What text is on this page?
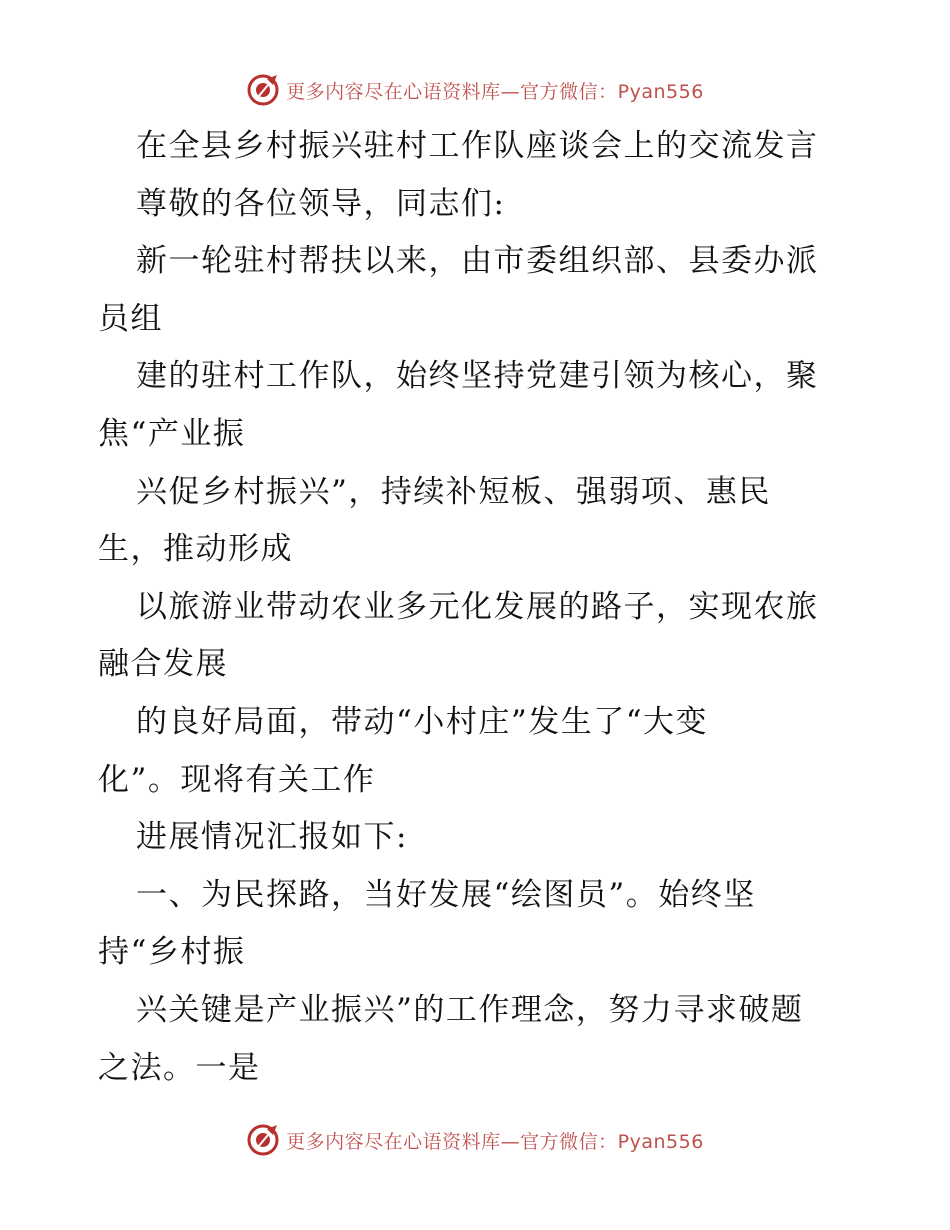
更多内容尽在心语资料库—官方微信：Pyan556
在全县乡村振兴驻村工作队座谈会上的交流发言
尊敬的各位领导，同志们:
新一轮驻村帮扶以来，由市委组织部、县委办派
员组
建的驻村工作队，始终坚持党建引领为核心，聚
焦“产业振
兴促乡村振兴”，持续补短板、强弱项、惠民
生，推动形成
以旅游业带动农业多元化发展的路子，实现农旅
融合发展
的良好局面，带动“小村庄”发生了“大变
化”。现将有关工作
进展情况汇报如下:
一、为民探路，当好发展“绘图员”。始终坚
持“乡村振
兴关键是产业振兴”的工作理念，努力寻求破题
之法。一是
更多内容尽在心语资料库—官方微信：Pyan556
